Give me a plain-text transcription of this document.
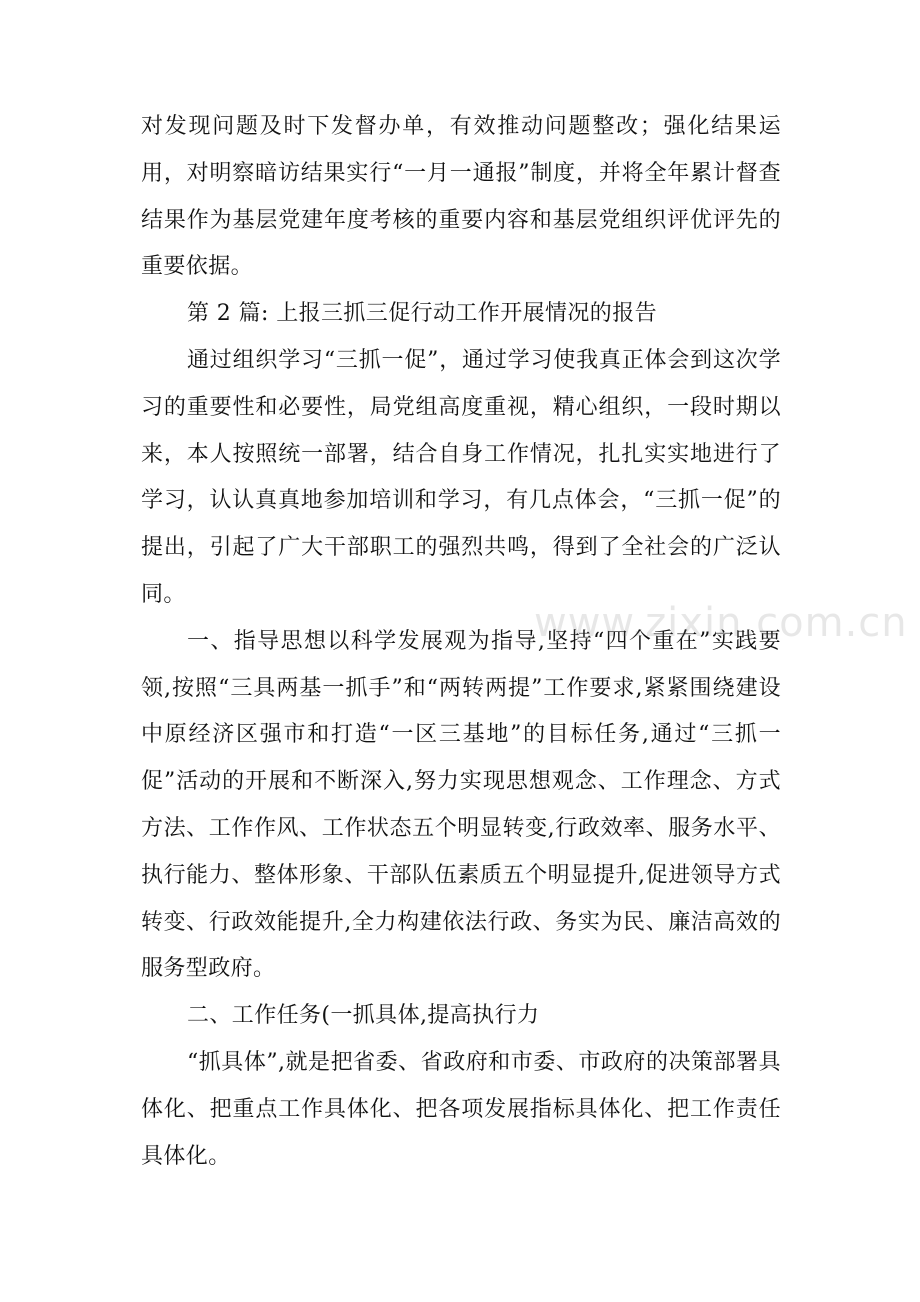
对发现问题及时下发督办单，有效推动问题整改；强化结果运用，对明察暗访结果实行“一月一通报”制度，并将全年累计督查结果作为基层党建年度考核的重要内容和基层党组织评优评先的重要依据。

第 2 篇: 上报三抓三促行动工作开展情况的报告

通过组织学习“三抓一促”，通过学习使我真正体会到这次学习的重要性和必要性，局党组高度重视，精心组织，一段时期以来，本人按照统一部署，结合自身工作情况，扎扎实实地进行了学习，认认真真地参加培训和学习，有几点体会，“三抓一促”的提出，引起了广大干部职工的强烈共鸣，得到了全社会的广泛认同。

一、指导思想以科学发展观为指导,坚持“四个重在”实践要领,按照“三具两基一抓手”和“两转两提”工作要求,紧紧围绕建设中原经济区强市和打造“一区三基地”的目标任务,通过“三抓一促”活动的开展和不断深入,努力实现思想观念、工作理念、方式方法、工作作风、工作状态五个明显转变,行政效率、服务水平、执行能力、整体形象、干部队伍素质五个明显提升,促进领导方式转变、行政效能提升,全力构建依法行政、务实为民、廉洁高效的服务型政府。

二、工作任务(一抓具体,提高执行力

“抓具体”,就是把省委、省政府和市委、市政府的决策部署具体化、把重点工作具体化、把各项发展指标具体化、把工作责任具体化。

www.zixin.com.cn
